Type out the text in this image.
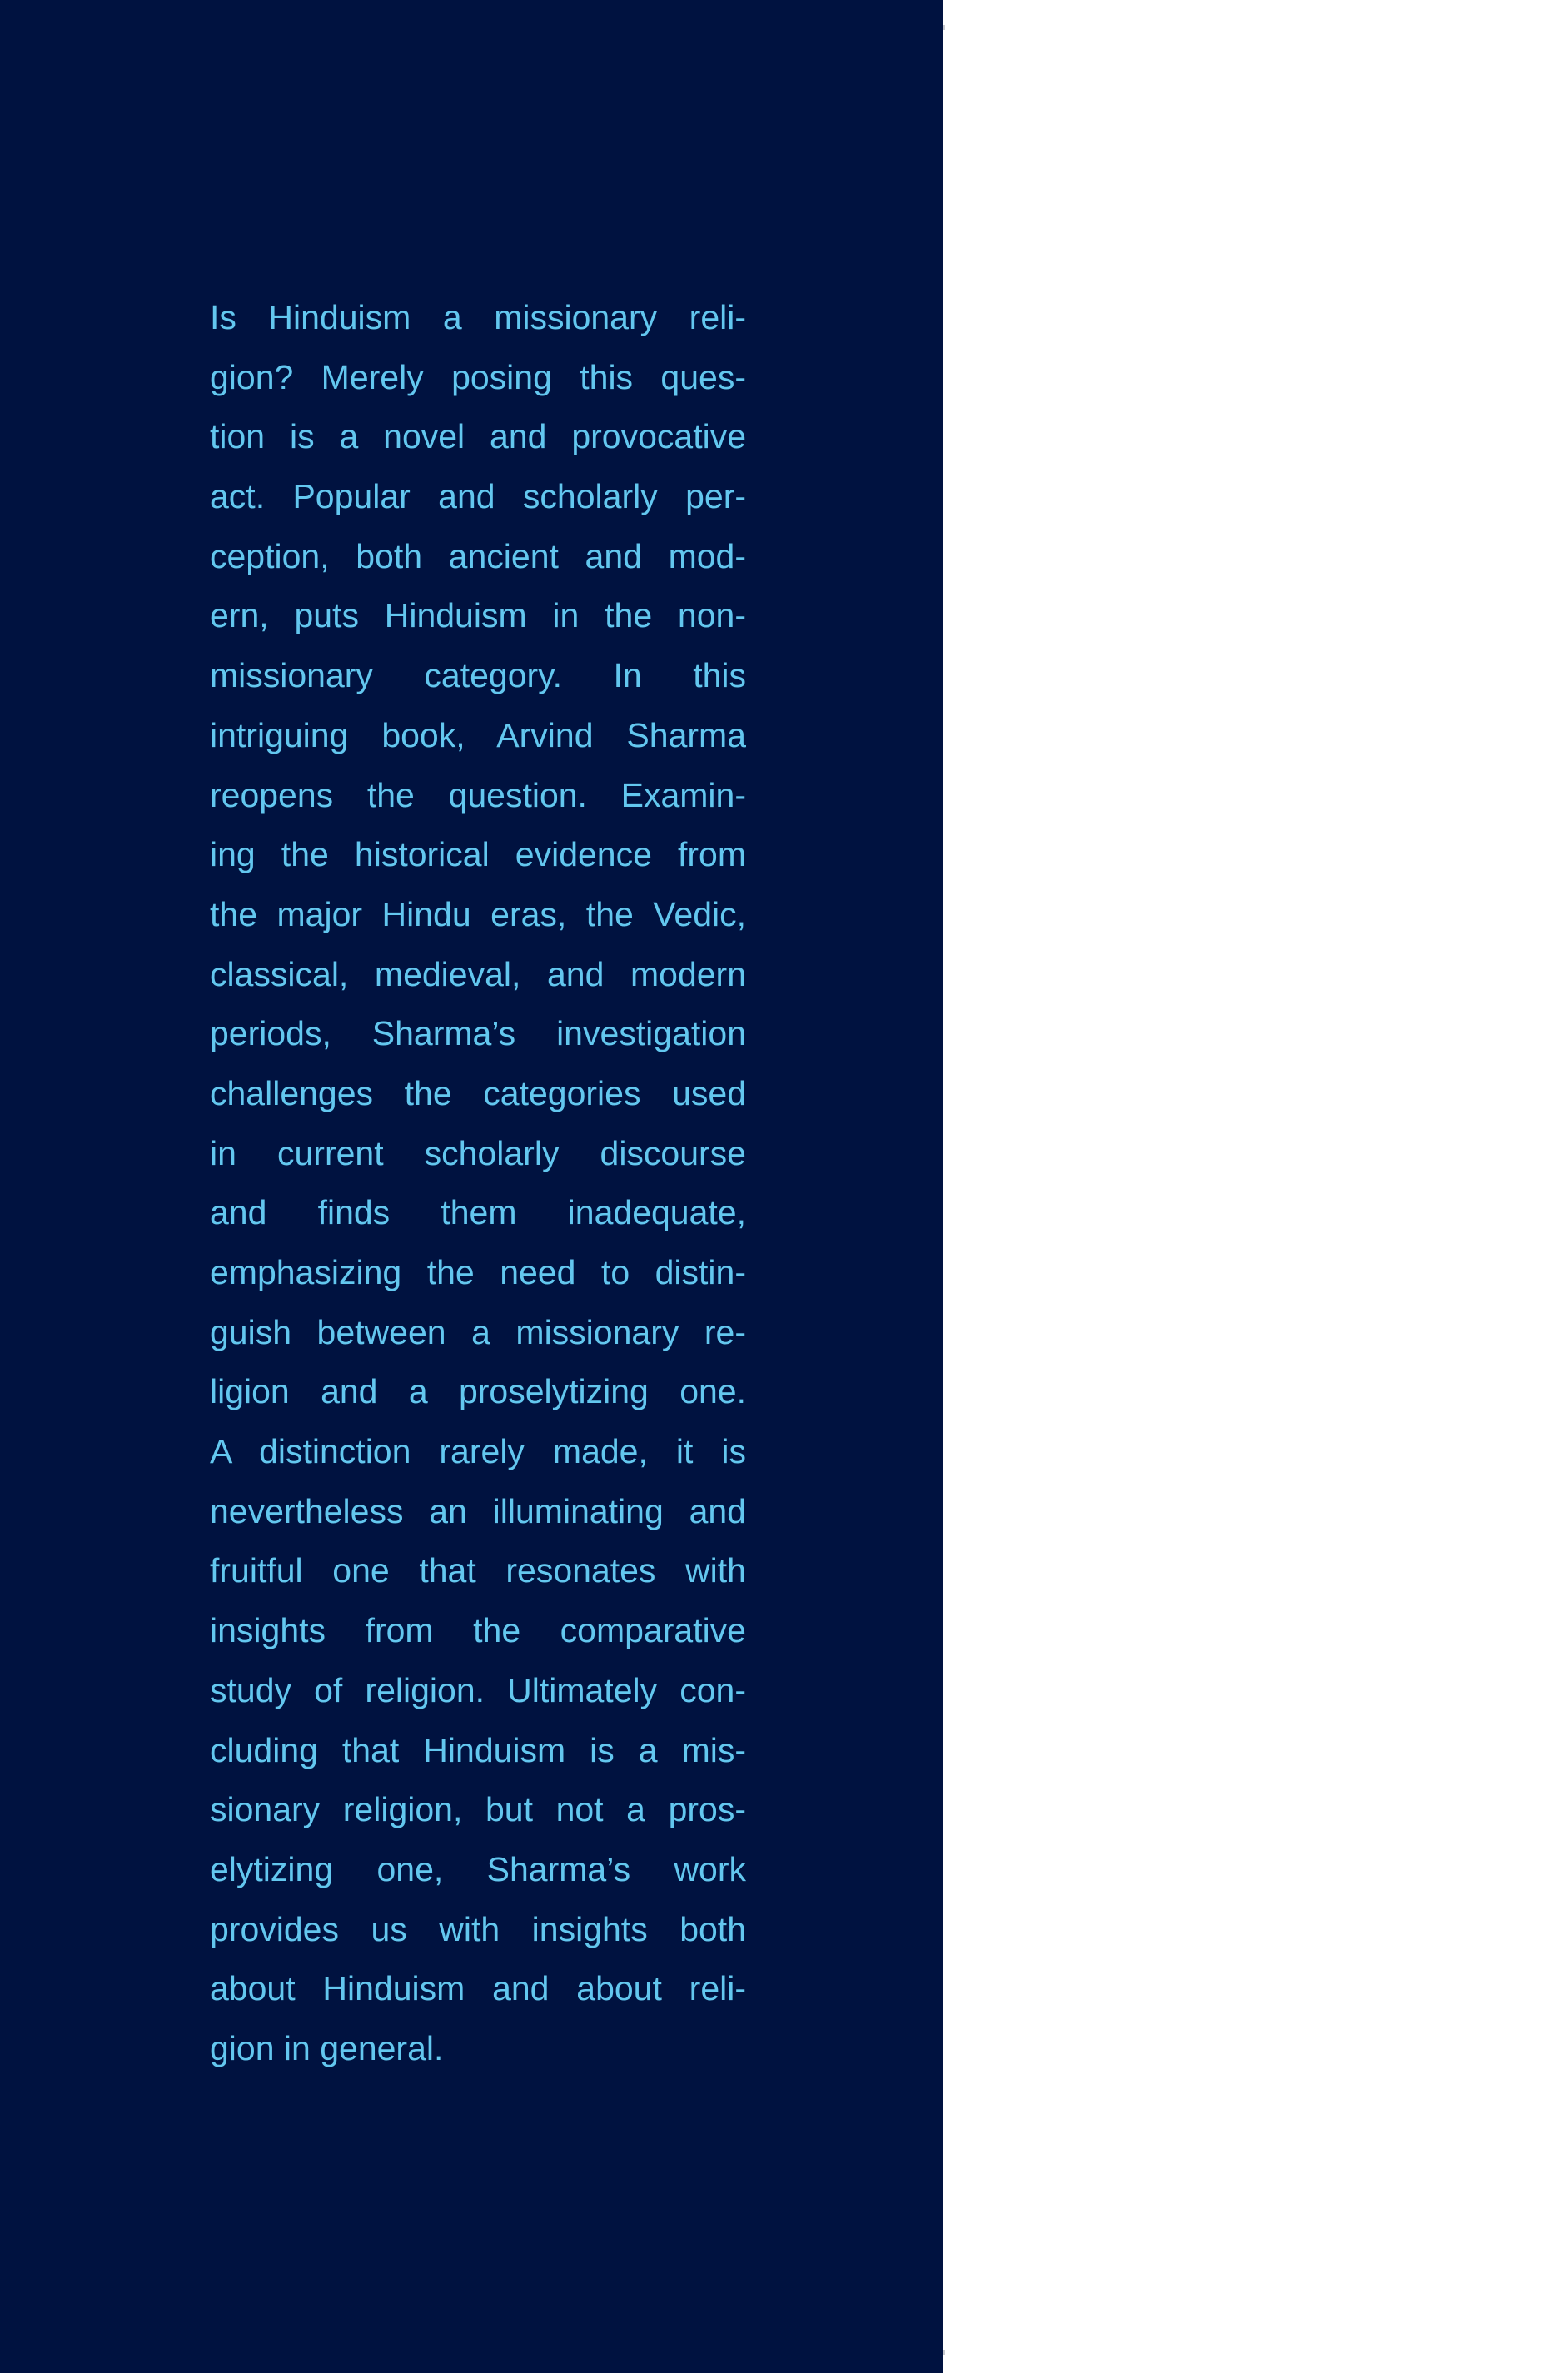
Is Hinduism a missionary reli-
gion? Merely posing this ques-
tion is a novel and provocative
act. Popular and scholarly per-
ception, both ancient and mod-
ern, puts Hinduism in the non-
missionary category. In this
intriguing book, Arvind Sharma
reopens the question. Examin-
ing the historical evidence from
the major Hindu eras, the Vedic,
classical, medieval, and modern
periods, Sharma’s investigation
challenges the categories used
in current scholarly discourse
and finds them inadequate,
emphasizing the need to distin-
guish between a missionary re-
ligion and a proselytizing one.
A distinction rarely made, it is
nevertheless an illuminating and
fruitful one that resonates with
insights from the comparative
study of religion. Ultimately con-
cluding that Hinduism is a mis-
sionary religion, but not a pros-
elytizing one, Sharma’s work
provides us with insights both
about Hinduism and about reli-
gion in general.
